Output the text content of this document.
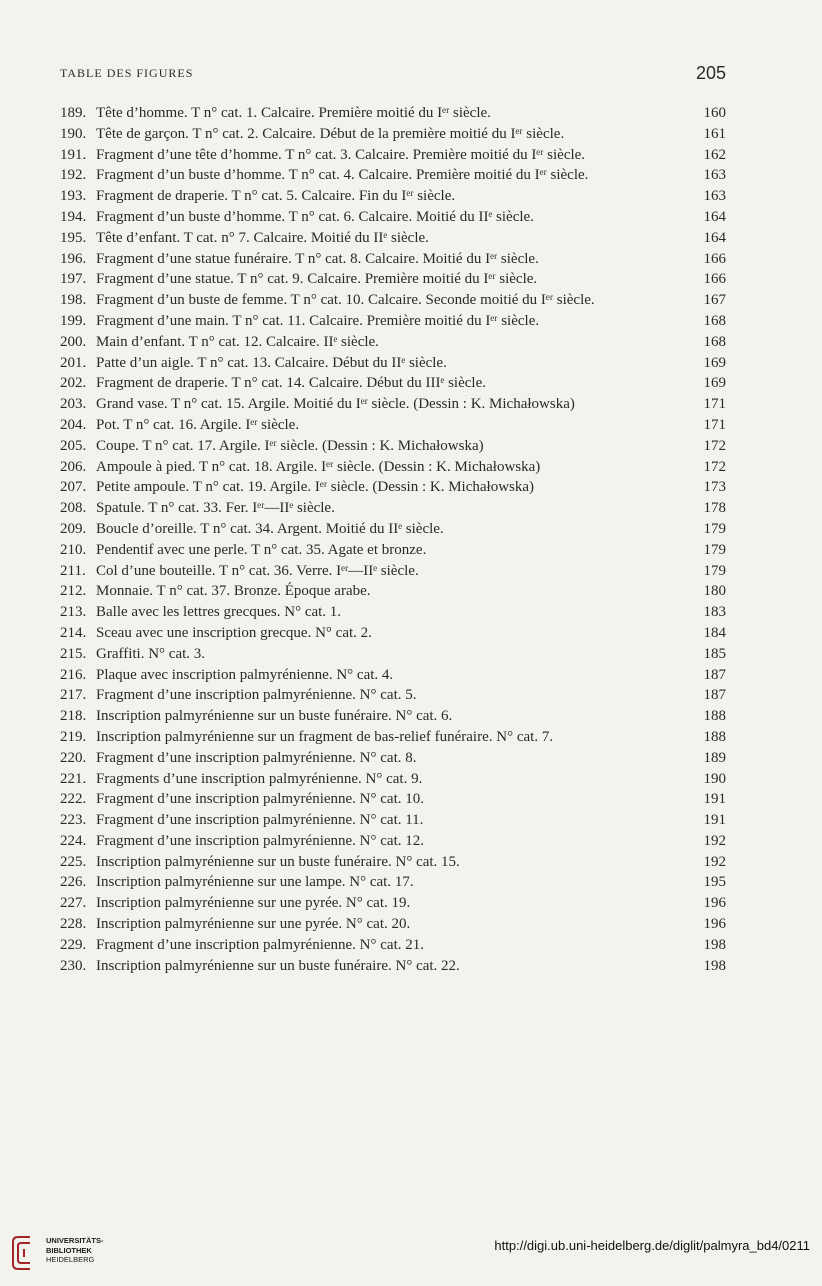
TABLE DES FIGURES	205
189. Tête d’homme. T n° cat. 1. Calcaire. Première moitié du Iᵉʳ siècle.	160
190. Tête de garçon. T n° cat. 2. Calcaire. Début de la première moitié du Iᵉʳ siècle.	161
191. Fragment d’une tête d’homme. T n° cat. 3. Calcaire. Première moitié du Iᵉʳ siècle.	162
192. Fragment d’un buste d’homme. T n° cat. 4. Calcaire. Première moitié du Iᵉʳ siècle.	163
193. Fragment de draperie. T n° cat. 5. Calcaire. Fin du Iᵉʳ siècle.	163
194. Fragment d’un buste d’homme. T n° cat. 6. Calcaire. Moitié du IIᵉ siècle.	164
195. Tête d’enfant. T cat. n° 7. Calcaire. Moitié du IIᵉ siècle.	164
196. Fragment d’une statue funéraire. T n° cat. 8. Calcaire. Moitié du Iᵉʳ siècle.	166
197. Fragment d’une statue. T n° cat. 9. Calcaire. Première moitié du Iᵉʳ siècle.	166
198. Fragment d’un buste de femme. T n° cat. 10. Calcaire. Seconde moitié du Iᵉʳ siècle.	167
199. Fragment d’une main. T n° cat. 11. Calcaire. Première moitié du Iᵉʳ siècle.	168
200. Main d’enfant. T n° cat. 12. Calcaire. IIᵉ siècle.	168
201. Patte d’un aigle. T n° cat. 13. Calcaire. Début du IIᵉ siècle.	169
202. Fragment de draperie. T n° cat. 14. Calcaire. Début du IIIᵉ siècle.	169
203. Grand vase. T n° cat. 15. Argile. Moitié du Iᵉʳ siècle. (Dessin : K. Michałowska)	171
204. Pot. T n° cat. 16. Argile. Iᵉʳ siècle.	171
205. Coupe. T n° cat. 17. Argile. Iᵉʳ siècle. (Dessin : K. Michałowska)	172
206. Ampoule à pied. T n° cat. 18. Argile. Iᵉʳ siècle. (Dessin : K. Michałowska)	172
207. Petite ampoule. T n° cat. 19. Argile. Iᵉʳ siècle. (Dessin : K. Michałowska)	173
208. Spatule. T n° cat. 33. Fer. Iᵉʳ—IIᵉ siècle.	178
209. Boucle d’oreille. T n° cat. 34. Argent. Moitié du IIᵉ siècle.	179
210. Pendentif avec une perle. T n° cat. 35. Agate et bronze.	179
211. Col d’une bouteille. T n° cat. 36. Verre. Iᵉʳ—IIᵉ siècle.	179
212. Monnaie. T n° cat. 37. Bronze. Époque arabe.	180
213. Balle avec les lettres grecques. N° cat. 1.	183
214. Sceau avec une inscription grecque. N° cat. 2.	184
215. Graffiti. N° cat. 3.	185
216. Plaque avec inscription palmyrénienne. N° cat. 4.	187
217. Fragment d’une inscription palmyrénienne. N° cat. 5.	187
218. Inscription palmyrénienne sur un buste funéraire. N° cat. 6.	188
219. Inscription palmyrénienne sur un fragment de bas-relief funéraire. N° cat. 7.	188
220. Fragment d’une inscription palmyrénienne. N° cat. 8.	189
221. Fragments d’une inscription palmyrénienne. N° cat. 9.	190
222. Fragment d’une inscription palmyrénienne. N° cat. 10.	191
223. Fragment d’une inscription palmyrénienne. N° cat. 11.	191
224. Fragment d’une inscription palmyrénienne. N° cat. 12.	192
225. Inscription palmyrénienne sur un buste funéraire. N° cat. 15.	192
226. Inscription palmyrénienne sur une lampe. N° cat. 17.	195
227. Inscription palmyrénienne sur une pyrée. N° cat. 19.	196
228. Inscription palmyrénienne sur une pyrée. N° cat. 20.	196
229. Fragment d’une inscription palmyrénienne. N° cat. 21.	198
230. Inscription palmyrénienne sur un buste funéraire. N° cat. 22.	198
UNIVERSITÄTS-
BIBLIOTHEK
HEIDELBERG
http://digi.ub.uni-heidelberg.de/diglit/palmyra_bd4/0211
